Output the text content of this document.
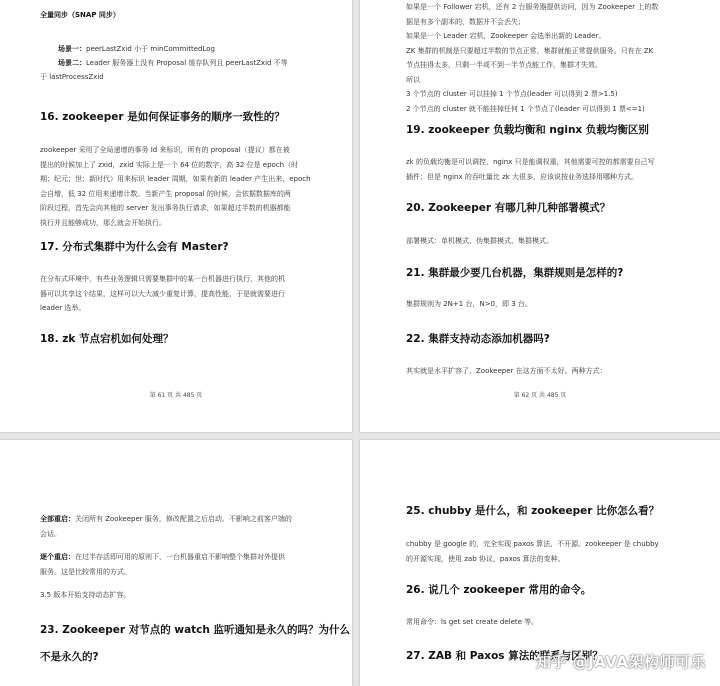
全量同步（SNAP 同步）
场景一：peerLastZxid 小于 minCommittedLog
场景二：Leader 服务器上没有 Proposal 缓存队列且 peerLastZxid 不等
于 lastProcessZxid
16. zookeeper 是如何保证事务的顺序一致性的？
zookeeper 采用了全局递增的事务 Id 来标识，所有的 proposal（提议）都在被
提出的时候加上了 zxid，zxid 实际上是一个 64 位的数字，高 32 位是 epoch（时
期；纪元；世；新时代）用来标识 leader 周期，如果有新的 leader 产生出来，epoch
会自增，低 32 位用来递增计数。当新产生 proposal 的时候，会依据数据库的两
阶段过程，首先会向其他的 server 发出事务执行请求，如果超过半数的机器都能
执行并且能够成功，那么就会开始执行。
17. 分布式集群中为什么会有 Master?
在分布式环境中，有些业务逻辑只需要集群中的某一台机器进行执行，其他的机
器可以共享这个结果，这样可以大大减少重复计算，提高性能，于是就需要进行
leader 选举。
18. zk 节点宕机如何处理？
第 61 页 共 485 页
如果是一个 Follower 宕机，还有 2 台服务器提供访问，因为 Zookeeper 上的数
据是有多个副本的，数据并不会丢失；
如果是一个 Leader 宕机，Zookeeper 会选举出新的 Leader。
ZK 集群的机制是只要超过半数的节点正常，集群就能正常提供服务。只有在 ZK
节点挂得太多，只剩一半或不到一半节点能工作，集群才失效。
所以
3 个节点的 cluster 可以挂掉 1 个节点(leader 可以得到 2 票>1.5)
2 个节点的 cluster 就不能挂掉任何 1 个节点了(leader 可以得到 1 票<=1)
19. zookeeper 负载均衡和 nginx 负载均衡区别
zk 的负载均衡是可以调控，nginx 只是能调权重，其他需要可控的都需要自己写
插件；但是 nginx 的吞吐量比 zk 大很多，应该说按业务选择用哪种方式。
20. Zookeeper 有哪几种几种部署模式？
部署模式：单机模式、伪集群模式、集群模式。
21. 集群最少要几台机器，集群规则是怎样的?
集群规则为 2N+1 台，N>0，即 3 台。
22. 集群支持动态添加机器吗?
其实就是水平扩容了，Zookeeper 在这方面不太好。两种方式：
第 62 页 共 485 页
全部重启：关闭所有 Zookeeper 服务，修改配置之后启动。不影响之前客户端的
会话。
逐个重启：在过半存活即可用的原则下，一台机器重启不影响整个集群对外提供
服务。这是比较常用的方式。
3.5 版本开始支持动态扩容。
23. Zookeeper 对节点的 watch 监听通知是永久的吗？为什么
不是永久的?
25. chubby 是什么，和 zookeeper 比你怎么看？
chubby 是 google 的，完全实现 paxos 算法，不开源。zookeeper 是 chubby
的开源实现，使用 zab 协议，paxos 算法的变种。
26. 说几个 zookeeper 常用的命令。
常用命令：ls get set create delete 等。
27. ZAB 和 Paxos 算法的联系与区别？
知乎 @JAVA架构师可乐
